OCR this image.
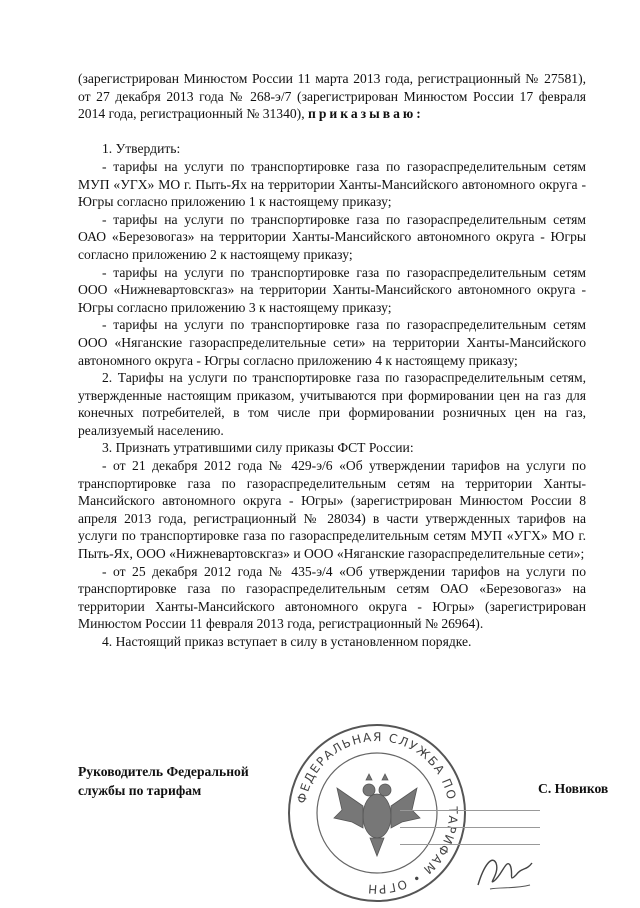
(зарегистрирован Минюстом России 11 марта 2013 года, регистрационный № 27581), от 27 декабря 2013 года № 268-э/7 (зарегистрирован Минюстом России 17 февраля 2014 года, регистрационный № 31340), приказываю:

1. Утвердить:

- тарифы на услуги по транспортировке газа по газораспределительным сетям МУП «УГХ» МО г. Пыть-Ях на территории Ханты-Мансийского автономного округа - Югры согласно приложению 1 к настоящему приказу;

- тарифы на услуги по транспортировке газа по газораспределительным сетям ОАО «Березовогаз» на территории Ханты-Мансийского автономного округа - Югры согласно приложению 2 к настоящему приказу;

- тарифы на услуги по транспортировке газа по газораспределительным сетям ООО «Нижневартовскгаз» на территории Ханты-Мансийского автономного округа - Югры согласно приложению 3 к настоящему приказу;

- тарифы на услуги по транспортировке газа по газораспределительным сетям ООО «Няганские газораспределительные сети» на территории Ханты-Мансийского автономного округа - Югры согласно приложению 4 к настоящему приказу;

2. Тарифы на услуги по транспортировке газа по газораспределительным сетям, утвержденные настоящим приказом, учитываются при формировании цен на газ для конечных потребителей, в том числе при формировании розничных цен на газ, реализуемый населению.

3. Признать утратившими силу приказы ФСТ России:

- от 21 декабря 2012 года № 429-э/6 «Об утверждении тарифов на услуги по транспортировке газа по газораспределительным сетям на территории Ханты-Мансийского автономного округа - Югры» (зарегистрирован Минюстом России 8 апреля 2013 года, регистрационный № 28034) в части утвержденных тарифов на услуги по транспортировке газа по газораспределительным сетям МУП «УГХ» МО г. Пыть-Ях, ООО «Нижневартовскгаз» и ООО «Няганские газораспределительные сети»;

- от 25 декабря 2012 года № 435-э/4 «Об утверждении тарифов на услуги по транспортировке газа по газораспределительным сетям ОАО «Березовогаз» на территории Ханты-Мансийского автономного округа - Югры» (зарегистрирован Минюстом России 11 февраля 2013 года, регистрационный № 26964).

4. Настоящий приказ вступает в силу в установленном порядке.

ФЕДЕРАЛЬНАЯ СЛУЖБА ПО ТАРИФАМ • ОГРН
Руководитель Федеральной
службы по тарифам	С. Новиков
